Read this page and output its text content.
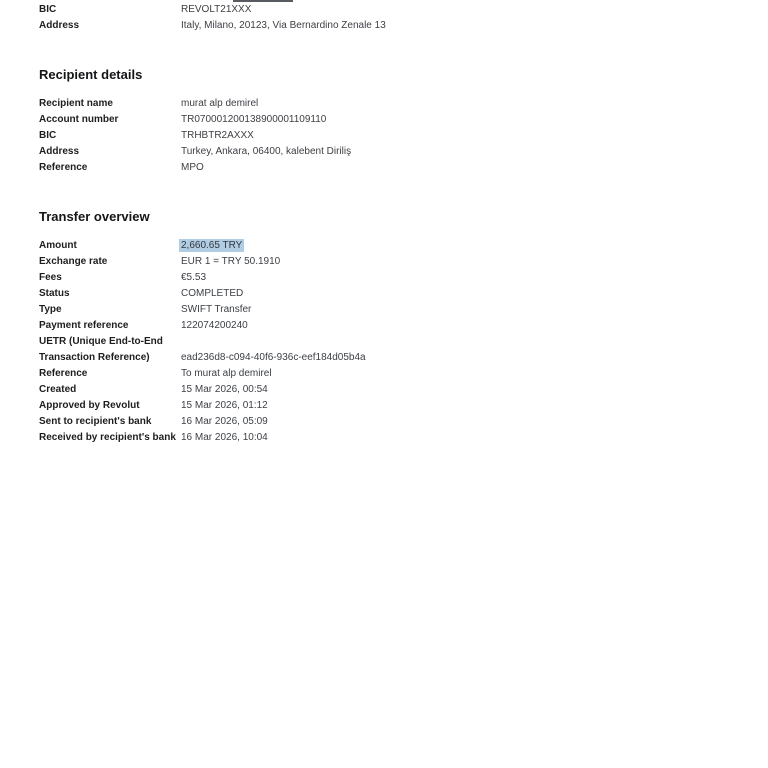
BIC	REVOLT21XXX
Address	Italy, Milano, 20123, Via Bernardino Zenale 13
Recipient details
Recipient name	murat alp demirel
Account number	TR070001200138900001109110
BIC	TRHBTR2AXXX
Address	Turkey, Ankara, 06400, kalebent Diriliş
Reference	MPO
Transfer overview
Amount	2,660.65 TRY
Exchange rate	EUR 1 = TRY 50.1910
Fees	€5.53
Status	COMPLETED
Type	SWIFT Transfer
Payment reference	122074200240
UETR (Unique End-to-End Transaction Reference)	ead236d8-c094-40f6-936c-eef184d05b4a
Reference	To murat alp demirel
Created	15 Mar 2026, 00:54
Approved by Revolut	15 Mar 2026, 01:12
Sent to recipient's bank	16 Mar 2026, 05:09
Received by recipient's bank 16 Mar 2026, 10:04
